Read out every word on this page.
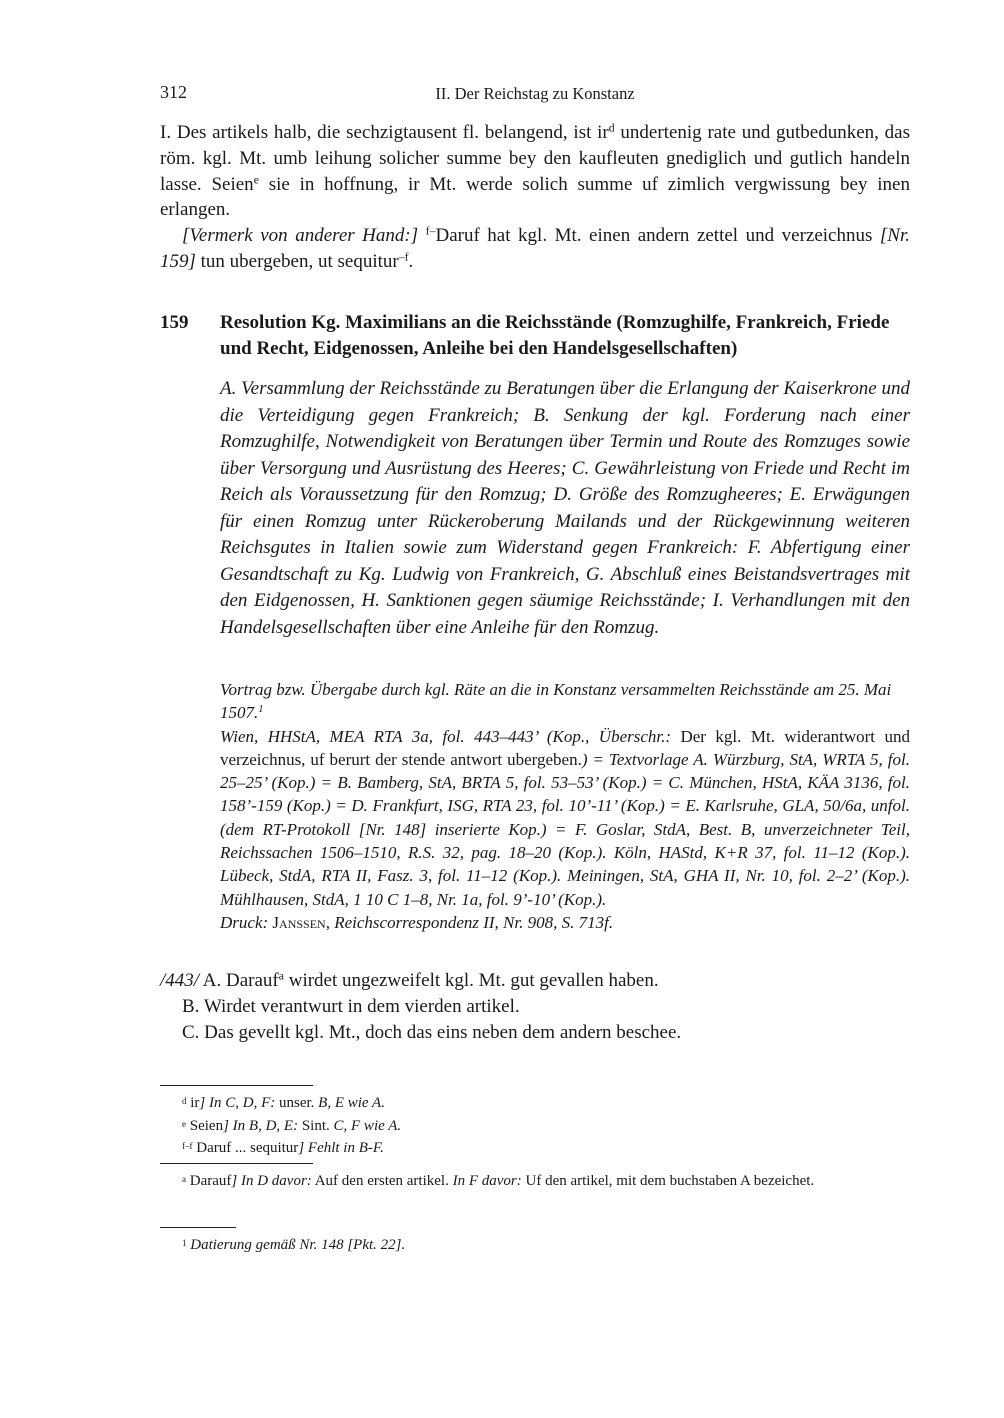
312	II. Der Reichstag zu Konstanz

I. Des artikels halb, die sechzigtausent fl. belangend, ist $ir^d$ undertenig rate und gutbedunken, das röm. kgl. Mt. umb leihung solicher summe bey den kaufleuten gnediglich und gutlich handeln lasse. Seien$^e$ sie in hoffnung, ir Mt. werde solich summe uf zimlich vergwissung bey inen erlangen.

[Vermerk von anderer Hand:] $^{f-}$Daruf hat kgl. Mt. einen andern zettel und verzeichnus [Nr. 159] tun ubergeben, ut sequitur$^{-f}$.

159 Resolution Kg. Maximilians an die Reichsstände (Romzughilfe, Frankreich, Friede und Recht, Eidgenossen, Anleihe bei den Handelsgesellschaften)

A. Versammlung der Reichsstände zu Beratungen über die Erlangung der Kaiserkrone und die Verteidigung gegen Frankreich; B. Senkung der kgl. Forderung nach einer Romzughilfe, Notwendigkeit von Beratungen über Termin und Route des Romzuges sowie über Versorgung und Ausrüstung des Heeres; C. Gewährleistung von Friede und Recht im Reich als Voraussetzung für den Romzug; D. Größe des Romzugheeres; E. Erwägungen für einen Romzug unter Rückeroberung Mailands und der Rückgewinnung weiteren Reichsgutes in Italien sowie zum Widerstand gegen Frankreich: F. Abfertigung einer Gesandtschaft zu Kg. Ludwig von Frankreich, G. Abschluß eines Beistandsvertrages mit den Eidgenossen, H. Sanktionen gegen säumige Reichsstände; I. Verhandlungen mit den Handelsgesellschaften über eine Anleihe für den Romzug.

Vortrag bzw. Übergabe durch kgl. Räte an die in Konstanz versammelten Reichsstände am 25. Mai 1507.$^1$

Wien, HHStA, MEA RTA 3a, fol. 443–443’ (Kop., Überschr.: Der kgl. Mt. widerantwort und verzeichnus, uf berurt der stende antwort ubergeben.) = Textvorlage A. Würzburg, StA, WRTA 5, fol. 25–25’ (Kop.) = B. Bamberg, StA, BRTA 5, fol. 53–53’ (Kop.) = C. München, HStA, KÄA 3136, fol. 158’-159 (Kop.) = D. Frankfurt, ISG, RTA 23, fol. 10’-11’ (Kop.) = E. Karlsruhe, GLA, 50/6a, unfol. (dem RT-Protokoll [Nr. 148] inserierte Kop.) = F. Goslar, StdA, Best. B, unverzeichneter Teil, Reichssachen 1506–1510, R.S. 32, pag. 18–20 (Kop.). Köln, HAStd, K+R 37, fol. 11–12 (Kop.). Lübeck, StdA, RTA II, Fasz. 3, fol. 11–12 (Kop.). Meiningen, StA, GHA II, Nr. 10, fol. 2–2’ (Kop.). Mühlhausen, StdA, 1 10 C 1–8, Nr. 1a, fol. 9’-10’ (Kop.).

Druck: Janssen, Reichscorrespondenz II, Nr. 908, S. 713f.

/443/ A. Darauf$^a$ wirdet ungezweifelt kgl. Mt. gut gevallen haben.

B. Wirdet verantwurt in dem vierden artikel.

C. Das gevellt kgl. Mt., doch das eins neben dem andern beschee.

$^d$ ir] In C, D, F: unser. B, E wie A.

$^e$ Seien] In B, D, E: Sint. C, F wie A.

$^{f-f}$ Daruf ... sequitur] Fehlt in B-F.

$^a$ Darauf] In D davor: Auf den ersten artikel. In F davor: Uf den artikel, mit dem buchstaben A bezeichet.

$^1$ Datierung gemäß Nr. 148 [Pkt. 22].
